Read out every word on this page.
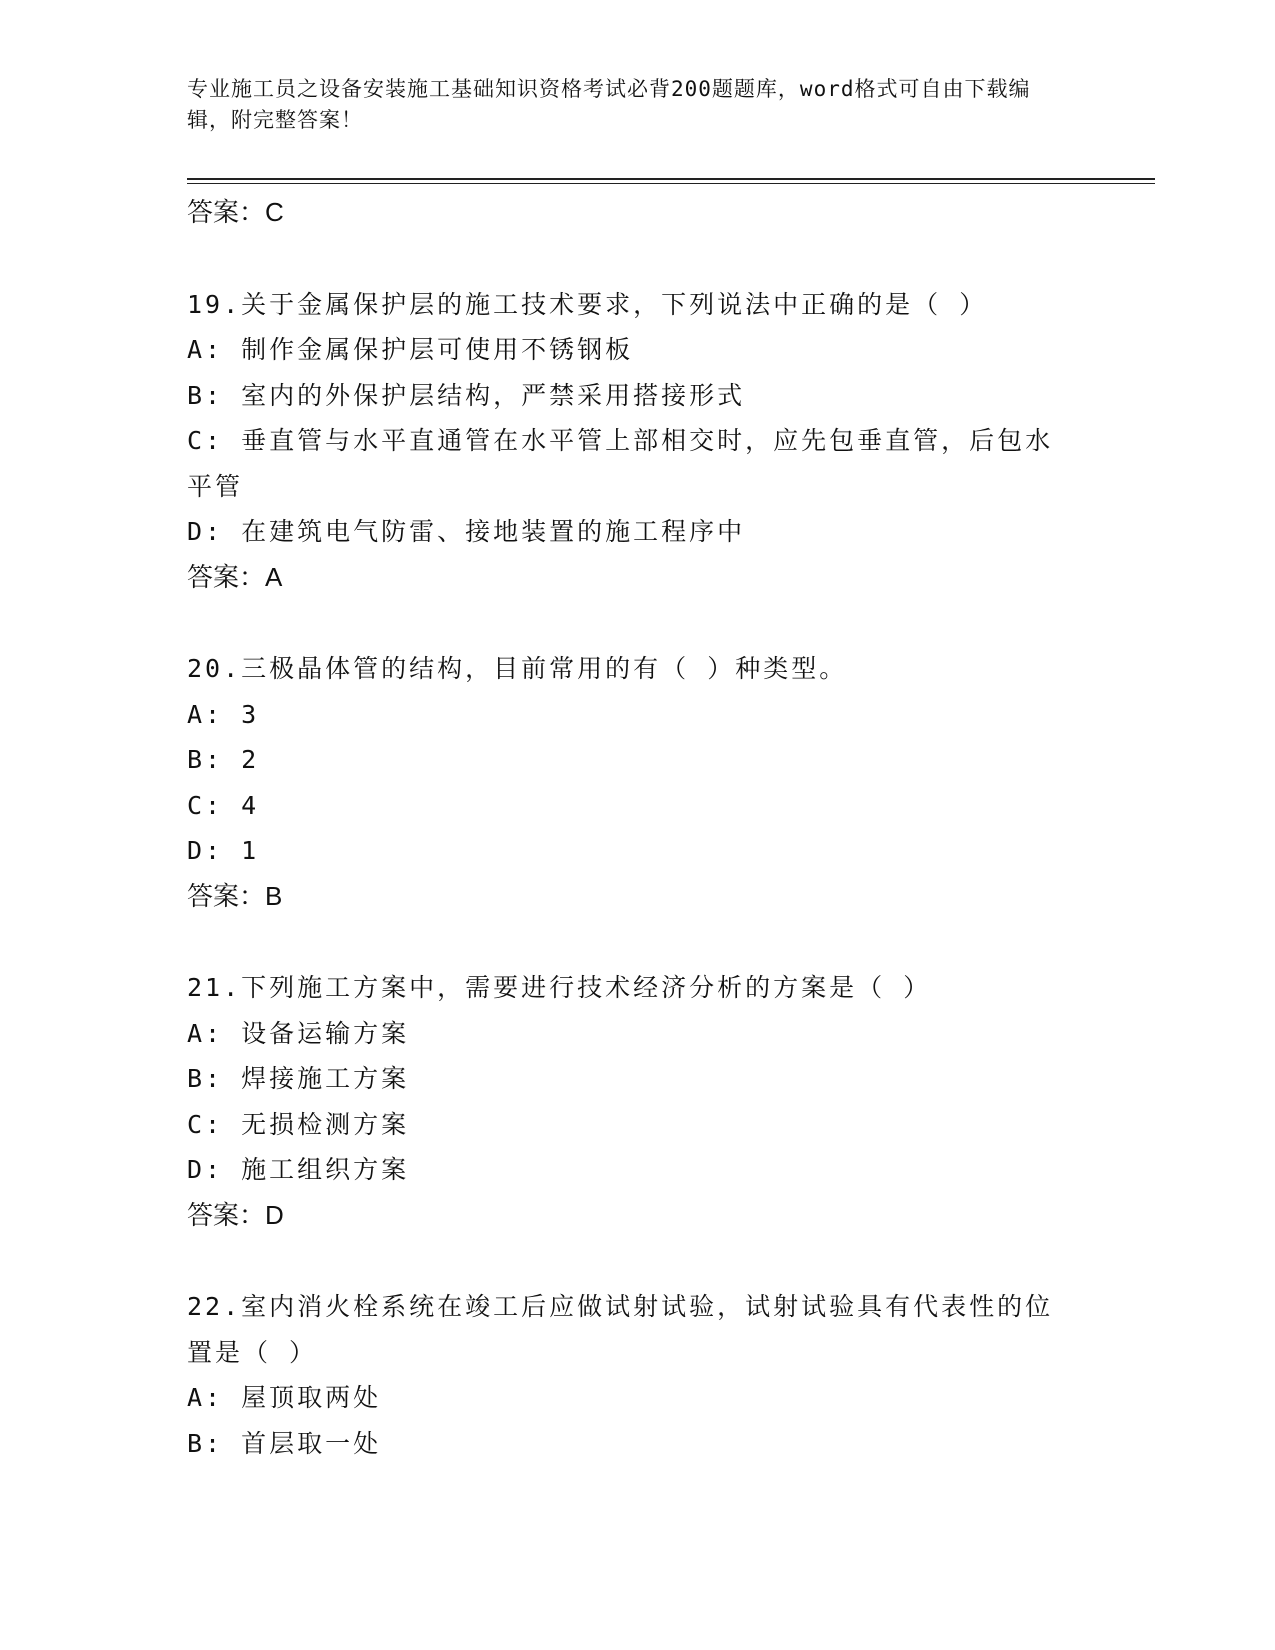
专业施工员之设备安装施工基础知识资格考试必背200题题库，word格式可自由下载编辑，附完整答案！
答案：C
19.关于金属保护层的施工技术要求，下列说法中正确的是（ ）
A: 制作金属保护层可使用不锈钢板
B: 室内的外保护层结构，严禁采用搭接形式
C: 垂直管与水平直通管在水平管上部相交时，应先包垂直管，后包水
平管
D: 在建筑电气防雷、接地装置的施工程序中
答案：A
20.三极晶体管的结构，目前常用的有（ ）种类型。
A: 3
B: 2
C: 4
D: 1
答案：B
21.下列施工方案中，需要进行技术经济分析的方案是（ ）
A: 设备运输方案
B: 焊接施工方案
C: 无损检测方案
D: 施工组织方案
答案：D
22.室内消火栓系统在竣工后应做试射试验，试射试验具有代表性的位
置是（ ）
A: 屋顶取两处
B: 首层取一处
